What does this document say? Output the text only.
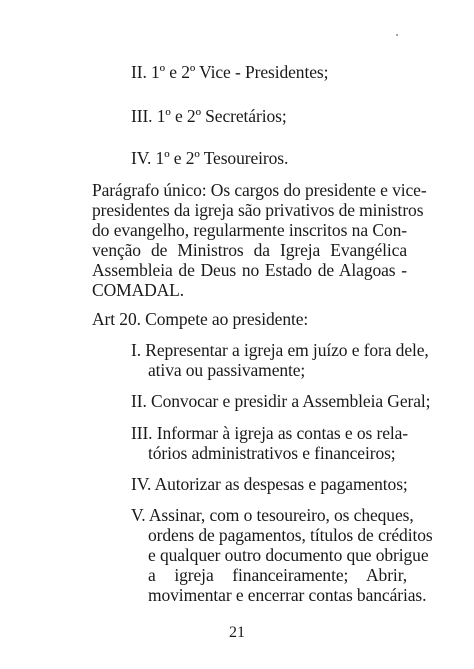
II. 1º e 2º Vice - Presidentes;
III. 1º e 2º Secretários;
IV. 1º e 2º Tesoureiros.
Parágrafo único: Os cargos do presidente e vice-
presidentes da igreja são privativos de ministros
do evangelho, regularmente inscritos na Con-
venção de Ministros da Igreja Evangélica
Assembleia de Deus no Estado de Alagoas -
COMADAL.
Art 20. Compete ao presidente:
I. Representar a igreja em juízo e fora dele,
ativa ou passivamente;
II. Convocar e presidir a Assembleia Geral;
III. Informar à igreja as contas e os rela-
tórios administrativos e financeiros;
IV. Autorizar as despesas e pagamentos;
V. Assinar, com o tesoureiro, os cheques,
ordens de pagamentos, títulos de créditos
e qualquer outro documento que obrigue
a igreja financeiramente; Abrir,
movimentar e encerrar contas bancárias.
21
